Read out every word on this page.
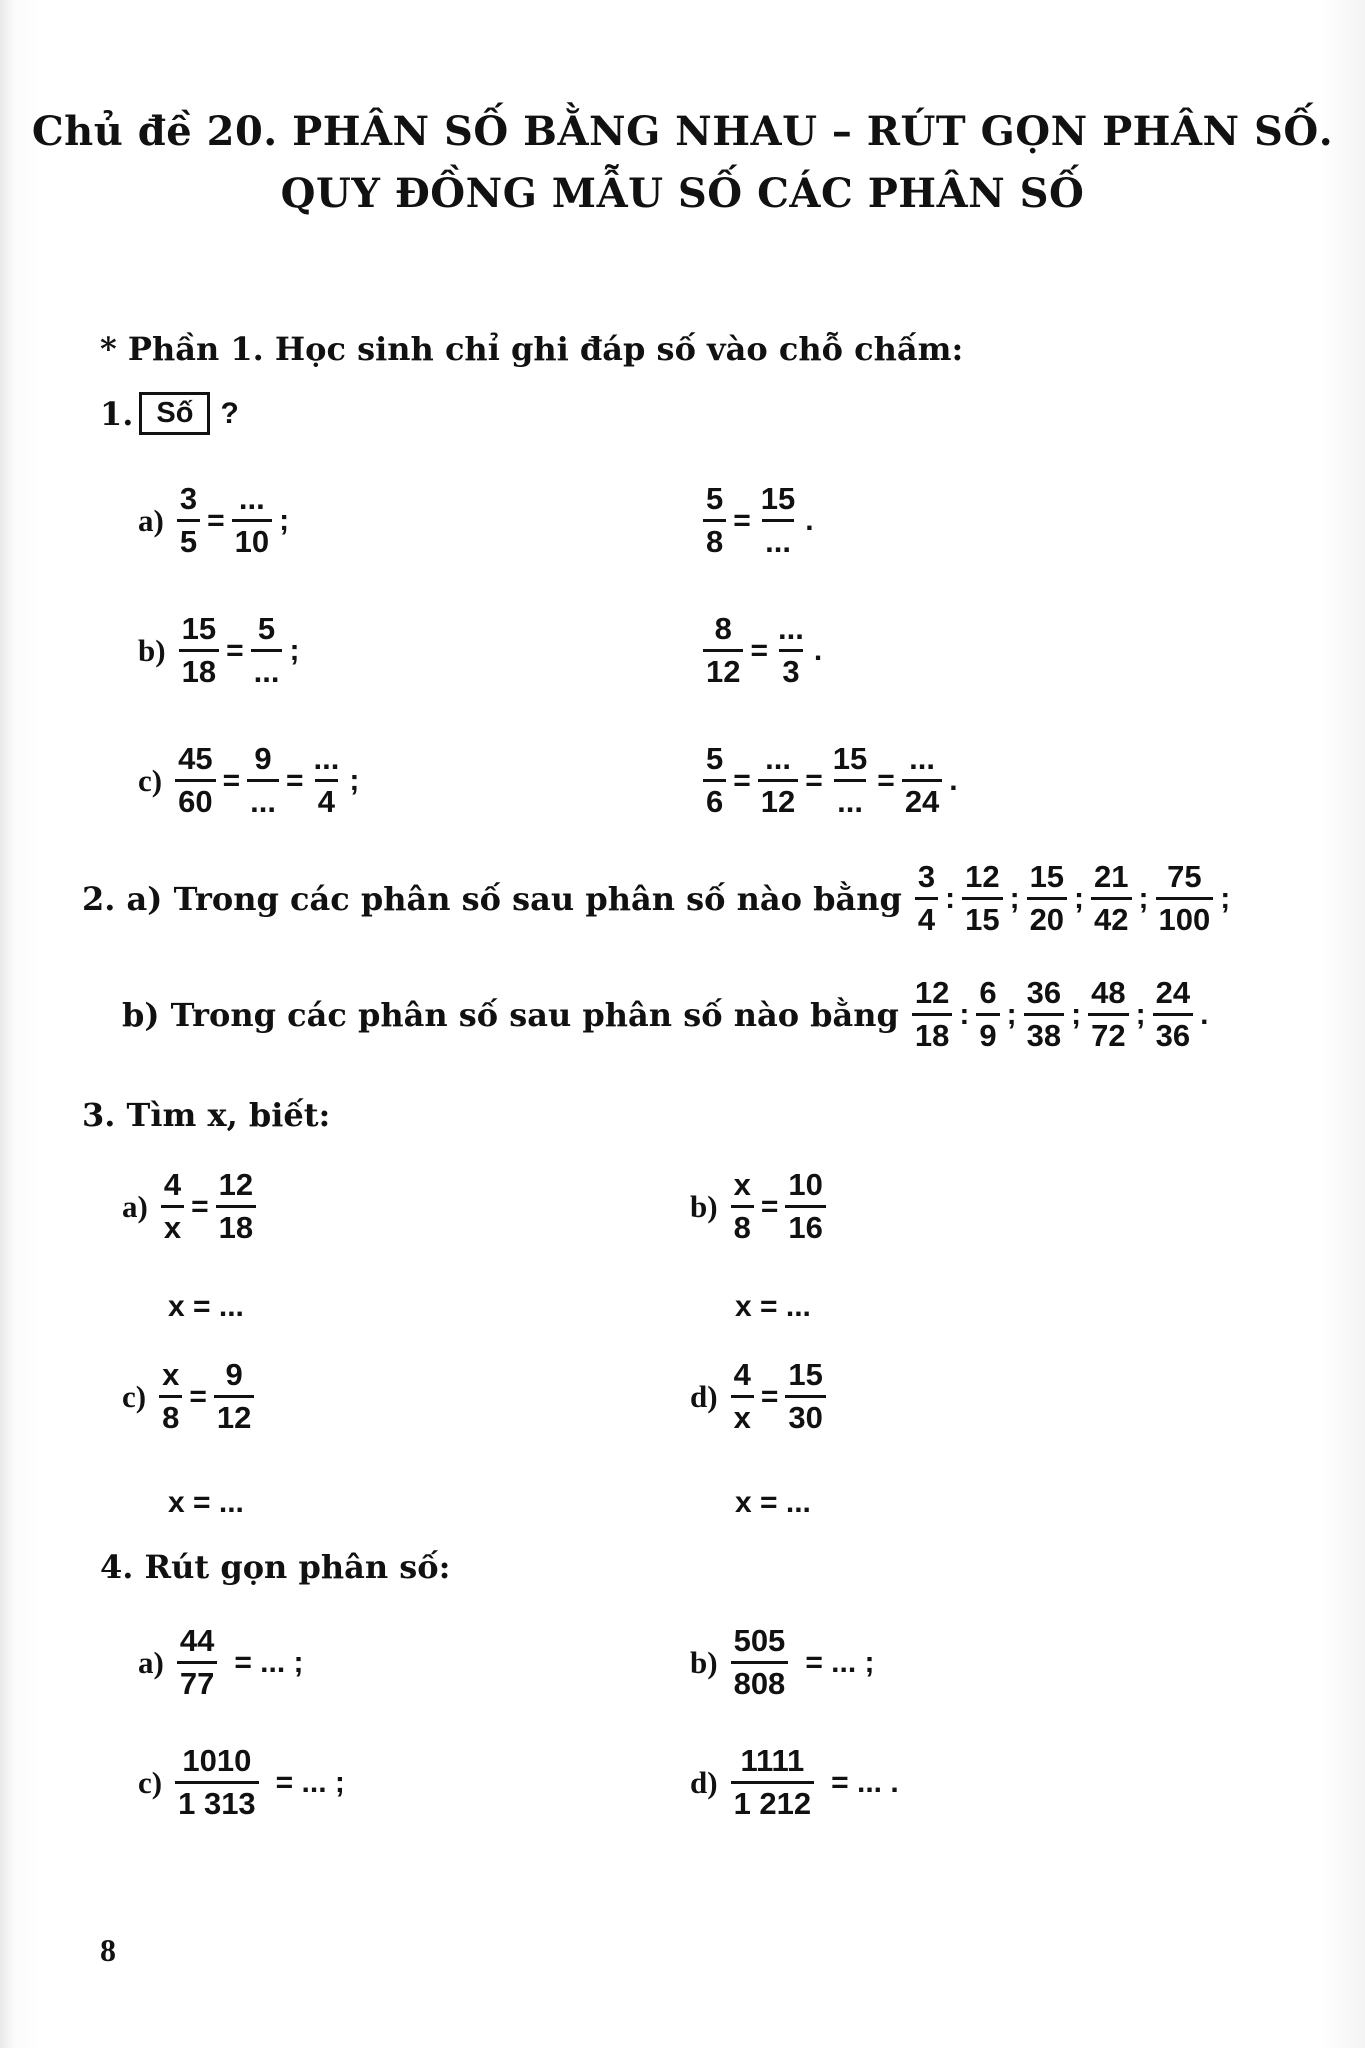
Chủ đề 20. PHÂN SỐ BẰNG NHAU – RÚT GỌN PHÂN SỐ.
QUY ĐỒNG MẪU SỐ CÁC PHÂN SỐ
* Phần 1. Học sinh chỉ ghi đáp số vào chỗ chấm:
1. Số ?
$a) \frac{3}{5} = \frac{...}{10}$ ;	$\frac{5}{8} = \frac{15}{...}$ .
$b) \frac{15}{18} = \frac{5}{...}$ ;	$\frac{8}{12} = \frac{...}{3}$ .
$c) \frac{45}{60} = \frac{9}{...} = \frac{...}{4}$ ;	$\frac{5}{6} = \frac{...}{12} = \frac{15}{...} = \frac{...}{24}$ .
2. a) Trong các phân số sau phân số nào bằng $\frac{3}{4}$ : $\frac{12}{15}$ ; $\frac{15}{20}$ ; $\frac{21}{42}$ ; $\frac{75}{100}$ ;
b) Trong các phân số sau phân số nào bằng $\frac{12}{18}$ : $\frac{6}{9}$ ; $\frac{36}{38}$ ; $\frac{48}{72}$ ; $\frac{24}{36}$ .
3. Tìm x, biết:
$a) \frac{4}{x} = \frac{12}{18}$	$b) \frac{x}{8} = \frac{10}{16}$
x = ...	x = ...
$c) \frac{x}{8} = \frac{9}{12}$	$d) \frac{4}{x} = \frac{15}{30}$
x = ...	x = ...
4. Rút gọn phân số:
$a) \frac{44}{77}$ = ... ;	$b) \frac{505}{808}$ = ... ;
$c) \frac{1010}{1 313}$ = ... ;	$d) \frac{1111}{1 212}$ = ... .
8
